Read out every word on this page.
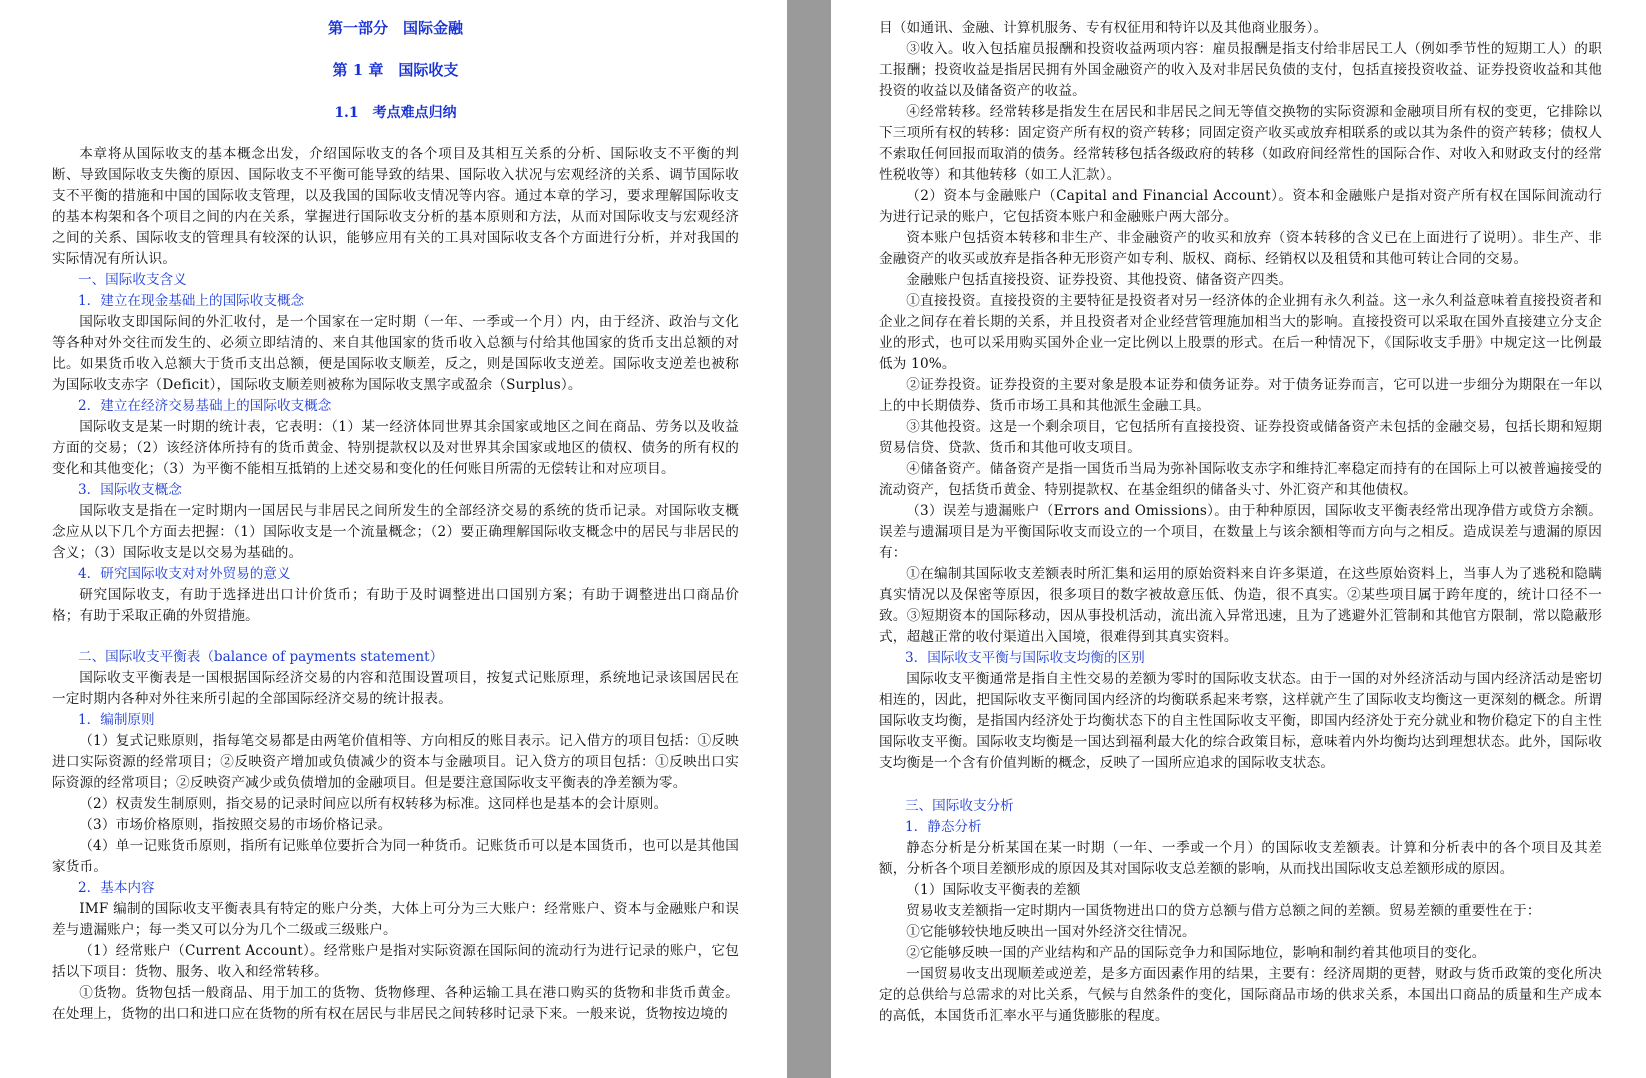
第一部分　国际金融
第 1 章　国际收支
1.1　考点难点归纳

本章将从国际收支的基本概念出发，介绍国际收支的各个项目及其相互关系的分析、国际收支不平衡的判断、导致国际收支失衡的原因、国际收支不平衡可能导致的结果、国际收入状况与宏观经济的关系、调节国际收支不平衡的措施和中国的国际收支管理，以及我国的国际收支情况等内容。通过本章的学习，要求理解国际收支的基本构架和各个项目之间的内在关系，掌握进行国际收支分析的基本原则和方法，从而对国际收支与宏观经济之间的关系、国际收支的管理具有较深的认识，能够应用有关的工具对国际收支各个方面进行分析，并对我国的实际情况有所认识。

一、国际收支含义
1．建立在现金基础上的国际收支概念

国际收支即国际间的外汇收付，是一个国家在一定时期（一年、一季或一个月）内，由于经济、政治与文化等各种对外交往而发生的、必须立即结清的、来自其他国家的货币收入总额与付给其他国家的货币支出总额的对比。如果货币收入总额大于货币支出总额，便是国际收支顺差，反之，则是国际收支逆差。国际收支逆差也被称为国际收支赤字（Deficit），国际收支顺差则被称为国际收支黑字或盈余（Surplus）。

2．建立在经济交易基础上的国际收支概念

国际收支是某一时期的统计表，它表明：（1）某一经济体同世界其余国家或地区之间在商品、劳务以及收益方面的交易；（2）该经济体所持有的货币黄金、特别提款权以及对世界其余国家或地区的债权、债务的所有权的变化和其他变化；（3）为平衡不能相互抵销的上述交易和变化的任何账目所需的无偿转让和对应项目。

3．国际收支概念

国际收支是指在一定时期内一国居民与非居民之间所发生的全部经济交易的系统的货币记录。对国际收支概念应从以下几个方面去把握：（1）国际收支是一个流量概念；（2）要正确理解国际收支概念中的居民与非居民的含义；（3）国际收支是以交易为基础的。

4．研究国际收支对对外贸易的意义

研究国际收支，有助于选择进出口计价货币；有助于及时调整进出口国别方案；有助于调整进出口商品价格；有助于采取正确的外贸措施。

二、国际收支平衡表（balance of payments statement）

国际收支平衡表是一国根据国际经济交易的内容和范围设置项目，按复式记账原理，系统地记录该国居民在一定时期内各种对外往来所引起的全部国际经济交易的统计报表。

1．编制原则

（1）复式记账原则，指每笔交易都是由两笔价值相等、方向相反的账目表示。记入借方的项目包括：①反映进口实际资源的经常项目；②反映资产增加或负债减少的资本与金融项目。记入贷方的项目包括：①反映出口实际资源的经常项目；②反映资产减少或负债增加的金融项目。但是要注意国际收支平衡表的净差额为零。

（2）权责发生制原则，指交易的记录时间应以所有权转移为标准。这同样也是基本的会计原则。

（3）市场价格原则，指按照交易的市场价格记录。

（4）单一记账货币原则，指所有记账单位要折合为同一种货币。记账货币可以是本国货币，也可以是其他国家货币。

2．基本内容

IMF 编制的国际收支平衡表具有特定的账户分类，大体上可分为三大账户：经常账户、资本与金融账户和误差与遗漏账户；每一类又可以分为几个二级或三级账户。

（1）经常账户（Current Account）。经常账户是指对实际资源在国际间的流动行为进行记录的账户，它包括以下项目：货物、服务、收入和经常转移。

①货物。货物包括一般商品、用于加工的货物、货物修理、各种运输工具在港口购买的货物和非货币黄金。在处理上，货物的出口和进口应在货物的所有权在居民与非居民之间转移时记录下来。一般来说，货物按边境的

目（如通讯、金融、计算机服务、专有权征用和特许以及其他商业服务）。

③收入。收入包括雇员报酬和投资收益两项内容：雇员报酬是指支付给非居民工人（例如季节性的短期工人）的职工报酬；投资收益是指居民拥有外国金融资产的收入及对非居民负债的支付，包括直接投资收益、证券投资收益和其他投资的收益以及储备资产的收益。

④经常转移。经常转移是指发生在居民和非居民之间无等值交换物的实际资源和金融项目所有权的变更，它排除以下三项所有权的转移：固定资产所有权的资产转移；同固定资产收买或放弃相联系的或以其为条件的资产转移；债权人不索取任何回报而取消的债务。经常转移包括各级政府的转移（如政府间经常性的国际合作、对收入和财政支付的经常性税收等）和其他转移（如工人汇款）。

（2）资本与金融账户（Capital and Financial Account）。资本和金融账户是指对资产所有权在国际间流动行为进行记录的账户，它包括资本账户和金融账户两大部分。

资本账户包括资本转移和非生产、非金融资产的收买和放弃（资本转移的含义已在上面进行了说明）。非生产、非金融资产的收买或放弃是指各种无形资产如专利、版权、商标、经销权以及租赁和其他可转让合同的交易。

金融账户包括直接投资、证券投资、其他投资、储备资产四类。

①直接投资。直接投资的主要特征是投资者对另一经济体的企业拥有永久利益。这一永久利益意味着直接投资者和企业之间存在着长期的关系，并且投资者对企业经营管理施加相当大的影响。直接投资可以采取在国外直接建立分支企业的形式，也可以采用购买国外企业一定比例以上股票的形式。在后一种情况下，《国际收支手册》中规定这一比例最低为 10%。

②证券投资。证券投资的主要对象是股本证券和债务证券。对于债务证券而言，它可以进一步细分为期限在一年以上的中长期债券、货币市场工具和其他派生金融工具。

③其他投资。这是一个剩余项目，它包括所有直接投资、证券投资或储备资产未包括的金融交易，包括长期和短期贸易信贷、贷款、货币和其他可收支项目。

④储备资产。储备资产是指一国货币当局为弥补国际收支赤字和维持汇率稳定而持有的在国际上可以被普遍接受的流动资产，包括货币黄金、特别提款权、在基金组织的储备头寸、外汇资产和其他债权。

（3）误差与遗漏账户（Errors and Omissions）。由于种种原因，国际收支平衡表经常出现净借方或贷方余额。误差与遗漏项目是为平衡国际收支而设立的一个项目，在数量上与该余额相等而方向与之相反。造成误差与遗漏的原因有：

①在编制其国际收支差额表时所汇集和运用的原始资料来自许多渠道，在这些原始资料上，当事人为了逃税和隐瞒真实情况以及保密等原因，很多项目的数字被故意压低、伪造，很不真实。②某些项目属于跨年度的，统计口径不一致。③短期资本的国际移动，因从事投机活动，流出流入异常迅速，且为了逃避外汇管制和其他官方限制，常以隐蔽形式，超越正常的收付渠道出入国境，很难得到其真实资料。

3．国际收支平衡与国际收支均衡的区别

国际收支平衡通常是指自主性交易的差额为零时的国际收支状态。由于一国的对外经济活动与国内经济活动是密切相连的，因此，把国际收支平衡同国内经济的均衡联系起来考察，这样就产生了国际收支均衡这一更深刻的概念。所谓国际收支均衡，是指国内经济处于均衡状态下的自主性国际收支平衡，即国内经济处于充分就业和物价稳定下的自主性国际收支平衡。国际收支均衡是一国达到福利最大化的综合政策目标，意味着内外均衡均达到理想状态。此外，国际收支均衡是一个含有价值判断的概念，反映了一国所应追求的国际收支状态。

三、国际收支分析
1．静态分析

静态分析是分析某国在某一时期（一年、一季或一个月）的国际收支差额表。计算和分析表中的各个项目及其差额，分析各个项目差额形成的原因及其对国际收支总差额的影响，从而找出国际收支总差额形成的原因。

（1）国际收支平衡表的差额

贸易收支差额指一定时期内一国货物进出口的贷方总额与借方总额之间的差额。贸易差额的重要性在于：

①它能够较快地反映出一国对外经济交往情况。

②它能够反映一国的产业结构和产品的国际竞争力和国际地位，影响和制约着其他项目的变化。

一国贸易收支出现顺差或逆差，是多方面因素作用的结果，主要有：经济周期的更替，财政与货币政策的变化所决定的总供给与总需求的对比关系，气候与自然条件的变化，国际商品市场的供求关系，本国出口商品的质量和生产成本的高低，本国货币汇率水平与通货膨胀的程度。
